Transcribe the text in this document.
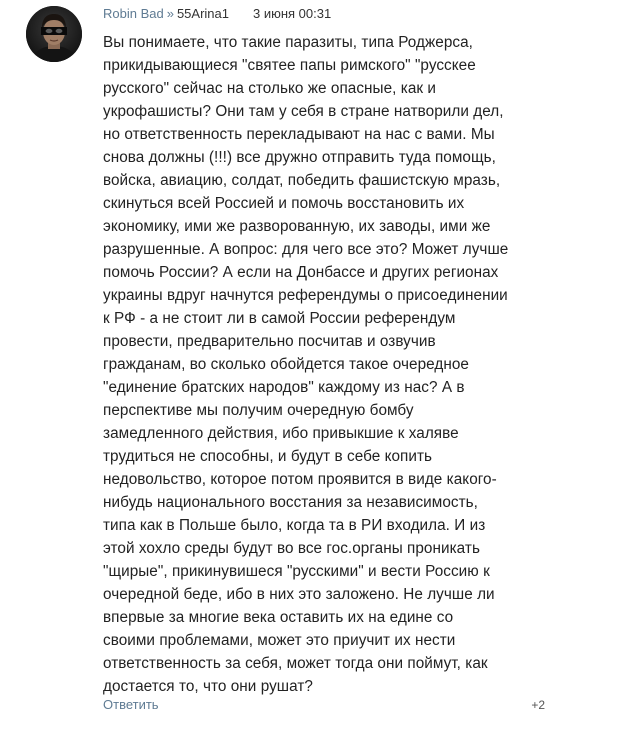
Robin Bad » 55Arina1 3 июня 00:31
Вы понимаете, что такие паразиты, типа Роджерса,
прикидывающиеся "святее папы римского" "русскее
русского" сейчас на столько же опасные, как и
укрофашисты? Они там у себя в стране натворили дел,
но ответственность перекладывают на нас с вами. Мы
снова должны (!!!) все дружно отправить туда помощь,
войска, авиацию, солдат, победить фашистскую мразь,
скинуться всей Россией и помочь восстановить их
экономику, ими же разворованную, их заводы, ими же
разрушенные. А вопрос: для чего все это? Может лучше
помочь России? А если на Донбассе и других регионах
украины вдруг начнутся референдумы о присоединении
к РФ - а не стоит ли в самой России референдум
провести, предварительно посчитав и озвучив
гражданам, во сколько обойдется такое очередное
"единение братских народов" каждому из нас? А в
перспективе мы получим очередную бомбу
замедленного действия, ибо привыкшие к халяве
трудиться не способны, и будут в себе копить
недовольство, которое потом проявится в виде какого-
нибудь национального восстания за независимость,
типа как в Польше было, когда та в РИ входила. И из
этой хохло среды будут во все гос.органы проникать
"щирые", прикинувишеся "русскими" и вести Россию к
очередной беде, ибо в них это заложено. Не лучше ли
впервые за многие века оставить их на едине со
своими проблемами, может это приучит их нести
ответственность за себя, может тогда они поймут, как
достается то, что они рушат?
Ответить	+2
